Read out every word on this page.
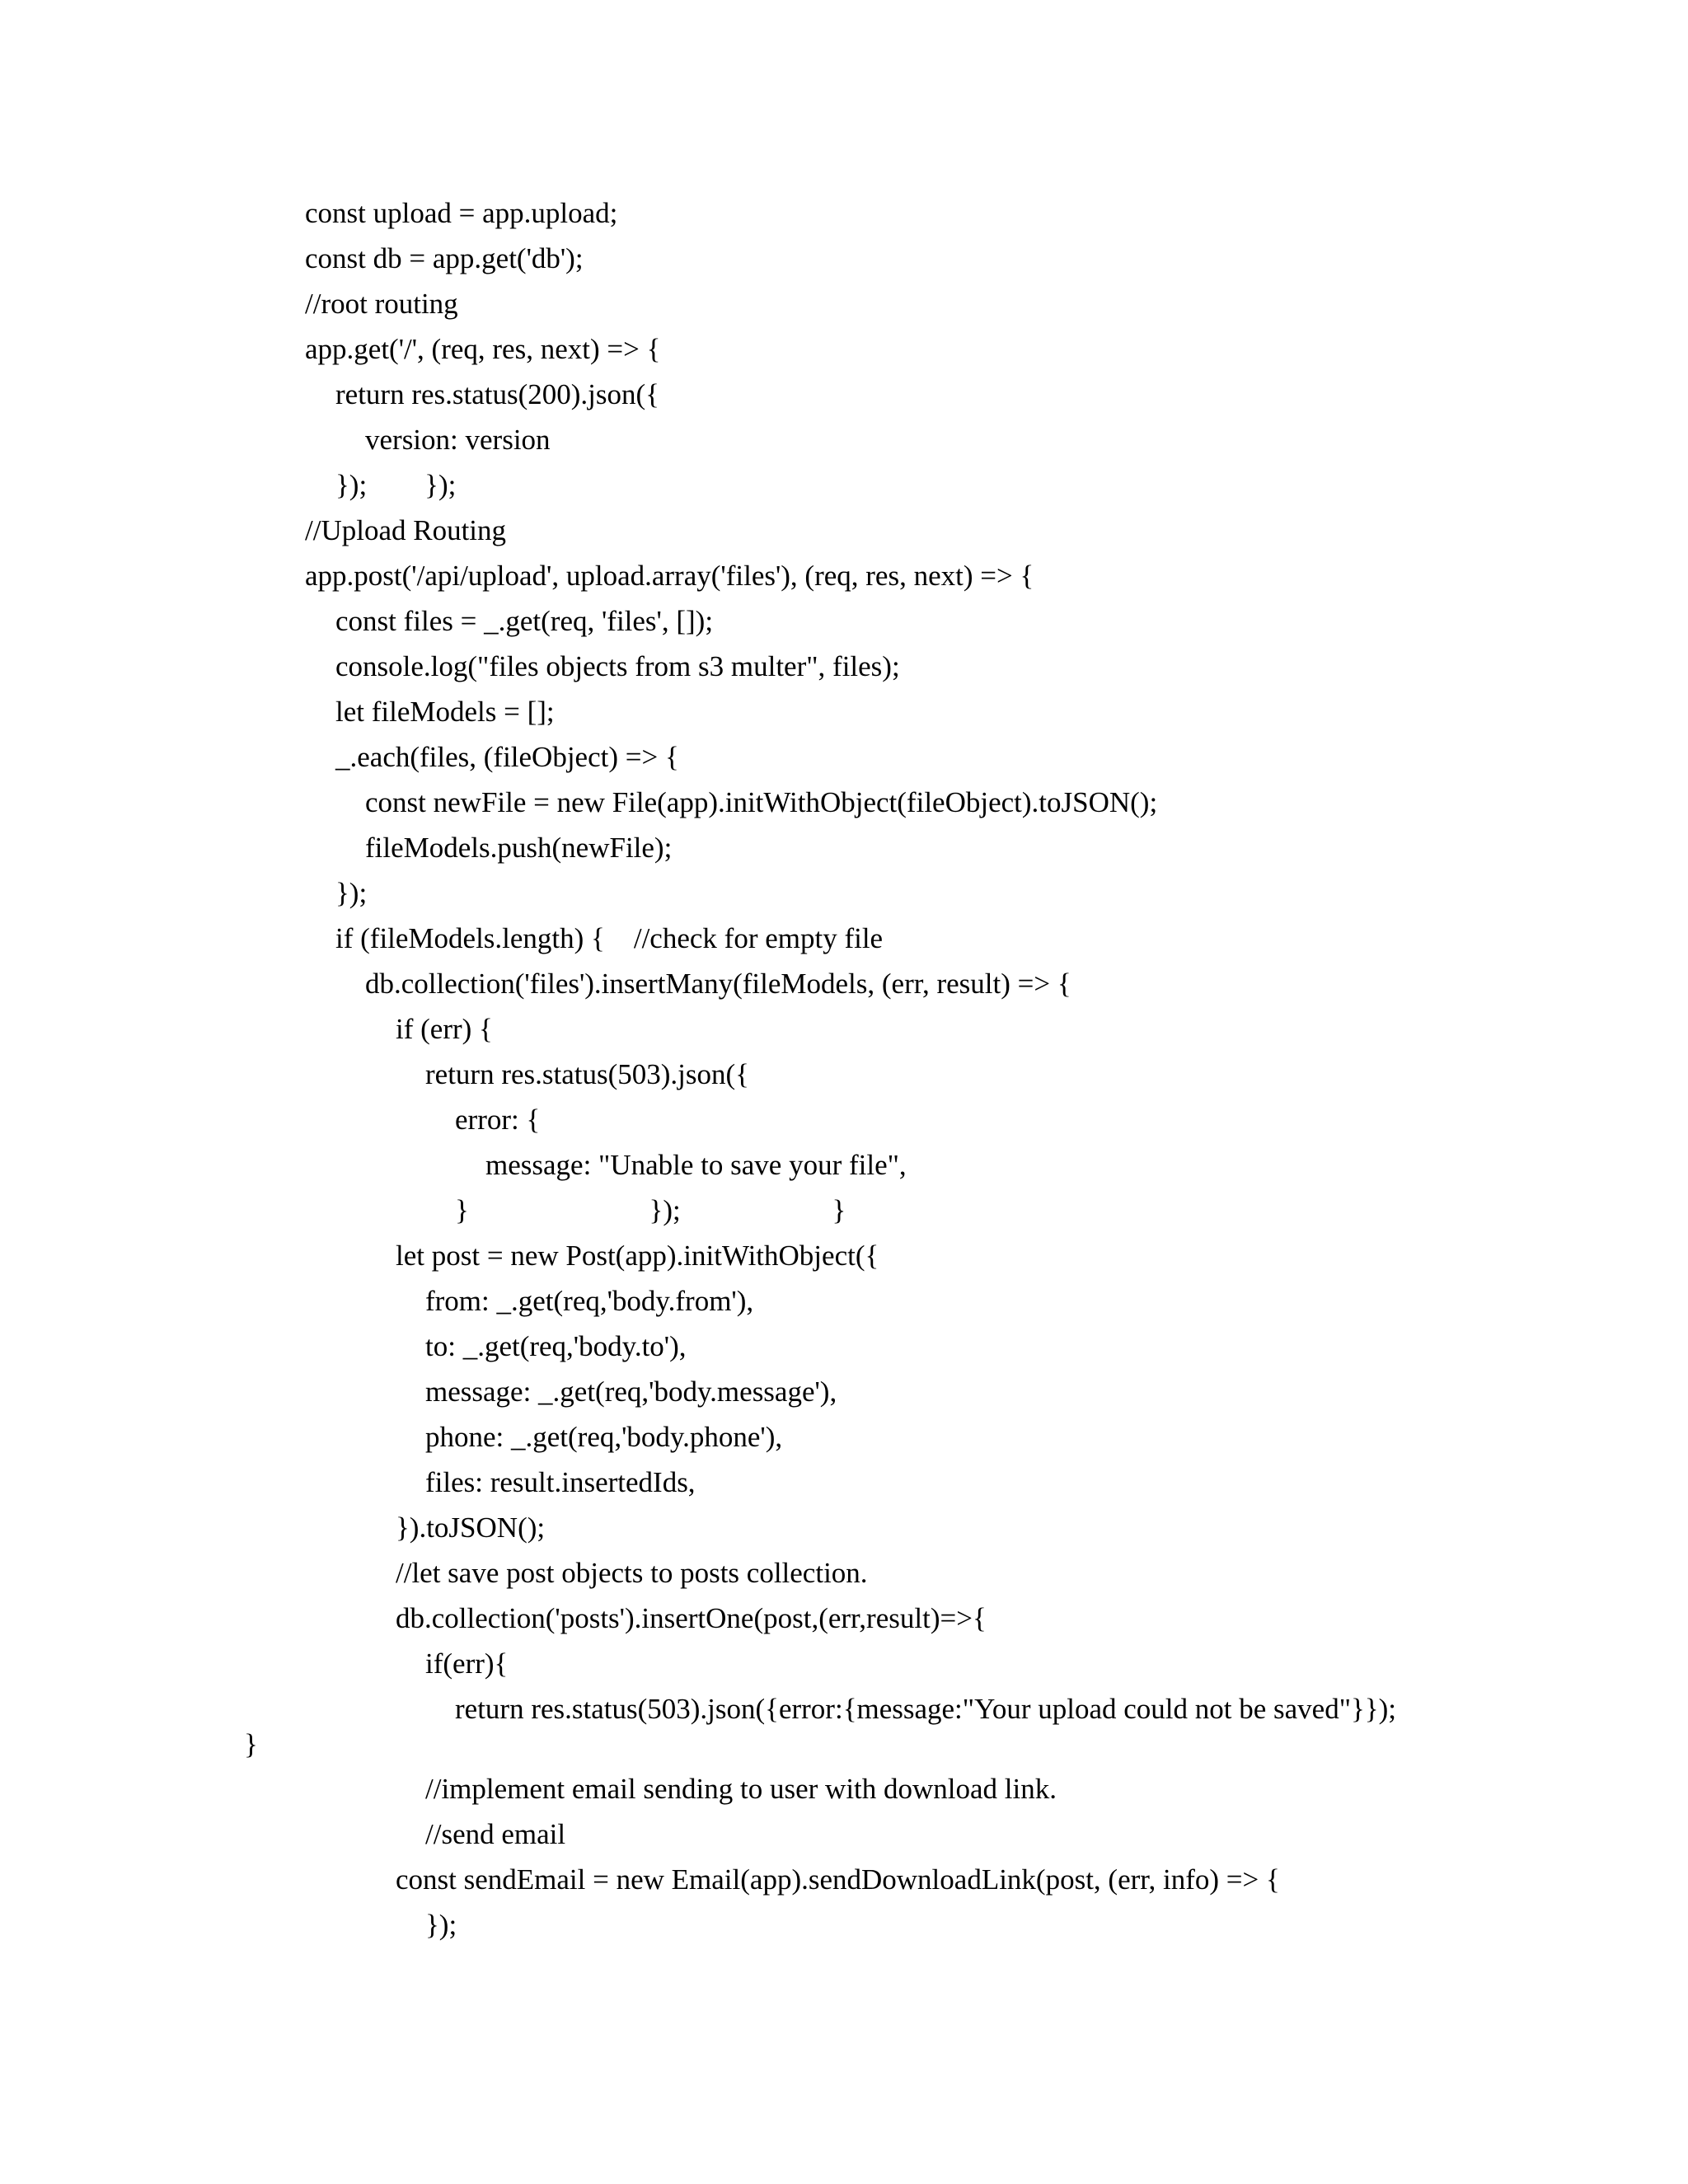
const upload = app.upload;

const db = app.get('db');

//root routing

app.get('/', (req, res, next) => {

return res.status(200).json({

version: version

});        });

//Upload Routing

app.post('/api/upload', upload.array('files'), (req, res, next) => {

const files = _.get(req, 'files', []);

console.log("files objects from s3 multer", files);

let fileModels = [];

_.each(files, (fileObject) => {

const newFile = new File(app).initWithObject(fileObject).toJSON();

fileModels.push(newFile);

});

if (fileModels.length) {    //check for empty file

db.collection('files').insertMany(fileModels, (err, result) => {

if (err) {

return res.status(503).json({

error: {

message: "Unable to save your file",

}                         });                     }

let post = new Post(app).initWithObject({

from: _.get(req,'body.from'),

to: _.get(req,'body.to'),

message: _.get(req,'body.message'),

phone: _.get(req,'body.phone'),

files: result.insertedIds,

}).toJSON();

//let save post objects to posts collection.

db.collection('posts').insertOne(post,(err,result)=>{

if(err){

return res.status(503).json({error:{message:"Your upload could not be saved"}});

}

//implement email sending to user with download link.

//send email

const sendEmail = new Email(app).sendDownloadLink(post, (err, info) => {

});
